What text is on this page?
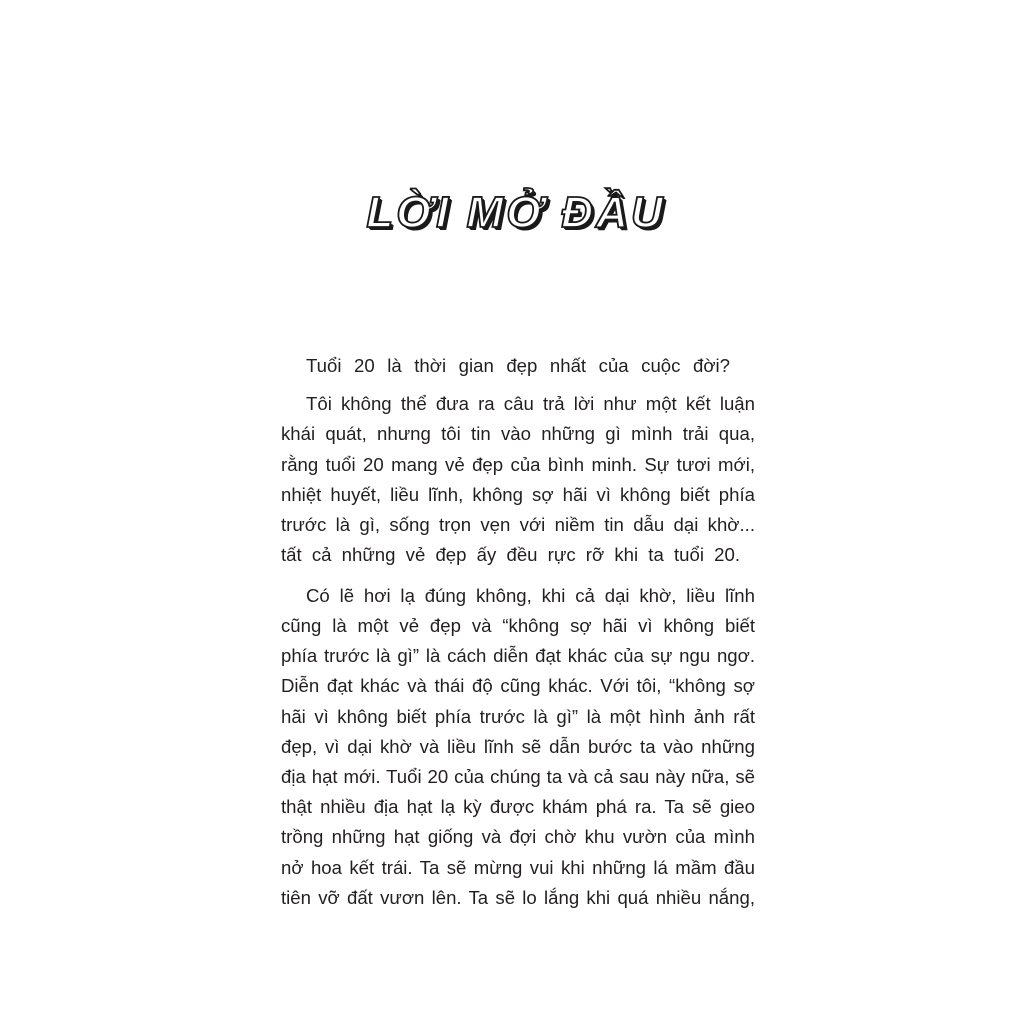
LỜI MỞ ĐẦU
Tuổi 20 là thời gian đẹp nhất của cuộc đời?
Tôi không thể đưa ra câu trả lời như một kết luận
khái quát, nhưng tôi tin vào những gì mình trải qua,
rằng tuổi 20 mang vẻ đẹp của bình minh. Sự tươi mới,
nhiệt huyết, liều lĩnh, không sợ hãi vì không biết phía
trước là gì, sống trọn vẹn với niềm tin dẫu dại khờ...
tất cả những vẻ đẹp ấy đều rực rỡ khi ta tuổi 20.
Có lẽ hơi lạ đúng không, khi cả dại khờ, liều lĩnh
cũng là một vẻ đẹp và “không sợ hãi vì không biết
phía trước là gì” là cách diễn đạt khác của sự ngu ngơ.
Diễn đạt khác và thái độ cũng khác. Với tôi, “không sợ
hãi vì không biết phía trước là gì” là một hình ảnh rất
đẹp, vì dại khờ và liều lĩnh sẽ dẫn bước ta vào những
địa hạt mới. Tuổi 20 của chúng ta và cả sau này nữa, sẽ
thật nhiều địa hạt lạ kỳ được khám phá ra. Ta sẽ gieo
trồng những hạt giống và đợi chờ khu vườn của mình
nở hoa kết trái. Ta sẽ mừng vui khi những lá mầm đầu
tiên vỡ đất vươn lên. Ta sẽ lo lắng khi quá nhiều nắng,
